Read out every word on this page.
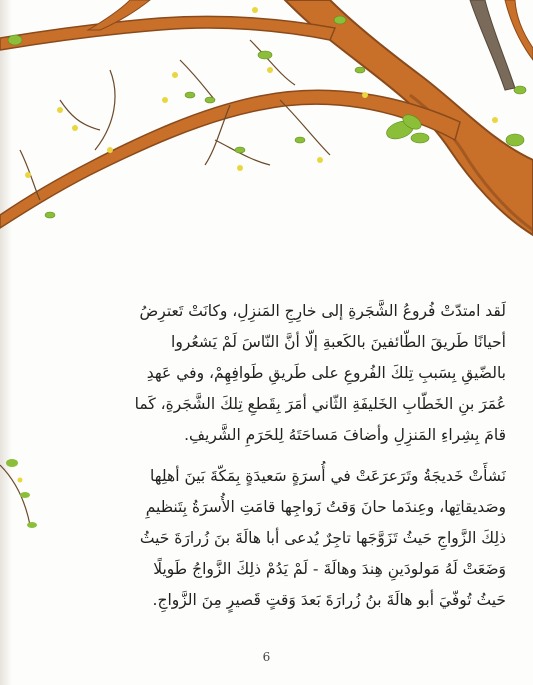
لَقد امتدّتْ فُروعُ الشَّجَرةِ إلى خارِجِ المَنزِلِ، وكانَتْ تَعترِضُ
أحيانًا طَريقَ الطّائفينَ بالكَعبةِ إلّا أنَّ النّاسَ لَمْ يَشعُروا
بالضّيقِ بِسَببِ تِلكَ الفُروعِ على طَريقِ طَوافِهِمْ، وفي عَهدِ
عُمَرَ بنِ الخَطّابِ الخَليفَةِ الثّاني أمَرَ بِقَطعِ تِلكَ الشَّجَرةِ، كَما
قامَ بِشِراءِ المَنزِلِ وأضافَ مَساحَتَهُ لِلحَرَمِ الشَّريفِ.

نَشأَتْ خَديجَةُ وتَرَعرَعَتْ في أُسرَةٍ سَعيدَةٍ بِمَكّةَ بَينَ أهلِها
وصَديقاتِها، وعِندَما حانَ وَقتُ زَواجِها قامَتِ الأُسرَةُ بِتَنظيمِ
ذلِكَ الزَّواجِ حَيثُ تَزَوَّجَها تاجِرٌ يُدعى أبا هالَةَ بنَ زُرارَةَ حَيثُ
وَضَعَتْ لَهُ مَولودَينِ هِندَ وهالَةَ - لَمْ يَدُمْ ذلِكَ الزَّواجُ طَويلًا
حَيثُ تُوفّيَ أبو هالَةَ بنُ زُرارَةَ بَعدَ وَقتٍ قَصيرٍ مِنَ الزَّواجِ.

6
